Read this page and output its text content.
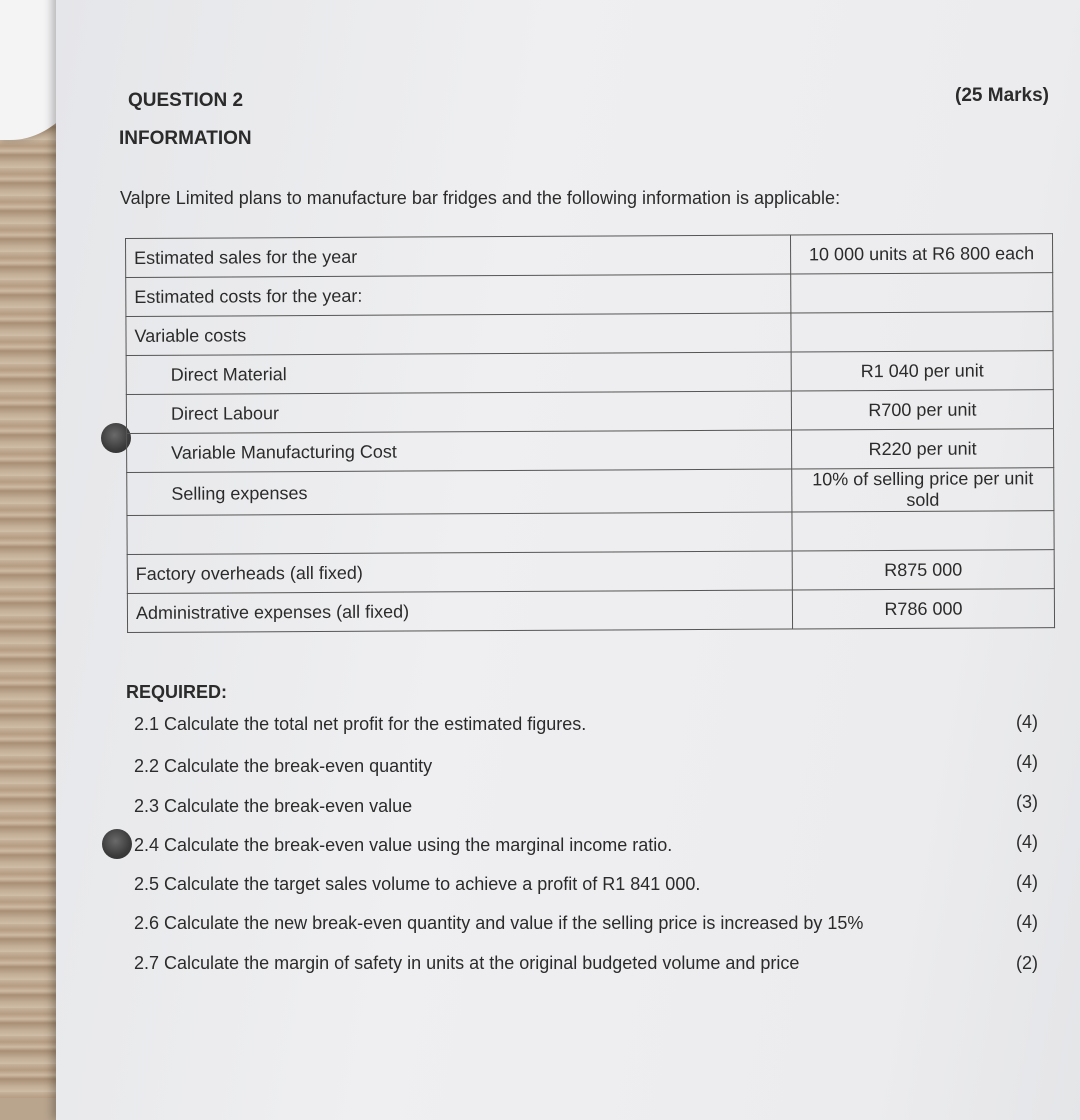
QUESTION 2	(25 Marks)
INFORMATION
Valpre Limited plans to manufacture bar fridges and the following information is applicable:
Estimated sales for the year	10 000 units at R6 800 each
Estimated costs for the year:	
Variable costs	
Direct Material	R1 040 per unit
Direct Labour	R700 per unit
Variable Manufacturing Cost	R220 per unit
Selling expenses	10% of selling price per unit sold

Factory overheads (all fixed)	R875 000
Administrative expenses (all fixed)	R786 000
REQUIRED:
2.1 Calculate the total net profit for the estimated figures.	(4)
2.2 Calculate the break-even quantity	(4)
2.3 Calculate the break-even value	(3)
2.4 Calculate the break-even value using the marginal income ratio.	(4)
2.5 Calculate the target sales volume to achieve a profit of R1 841 000.	(4)
2.6 Calculate the new break-even quantity and value if the selling price is increased by 15%	(4)
2.7 Calculate the margin of safety in units at the original budgeted volume and price	(2)
